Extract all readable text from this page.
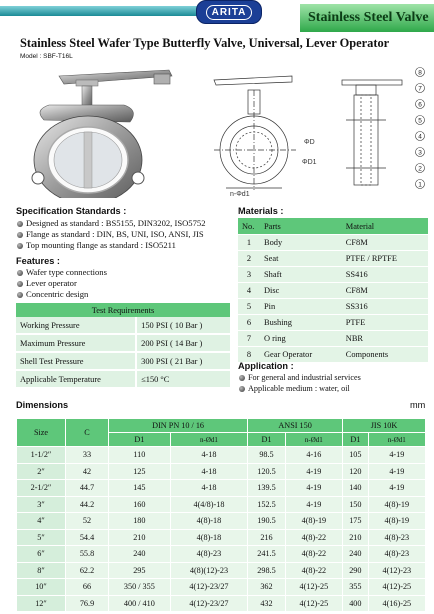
ARITA	Stainless Steel Valve
Stainless Steel Wafer Type Butterfly Valve, Universal, Lever Operator
Model : SBF-T16L
ΦD
ΦD1
n-Φd1
8
7
6
5
4
3
2
1
Specification Standards :
Designed as standard : BS5155, DIN3202, ISO5752
Flange as standard : DIN, BS, UNI, ISO, ANSI, JIS
Top mounting flange as standard : ISO5211
Features :
Wafer type connections
Lever operator
Concentric design
Test Requirements	
Working Pressure	150 PSI ( 10 Bar )
Maximum Pressure	200 PSI ( 14 Bar )
Shell Test Pressure	300 PSI ( 21 Bar )
Applicable Temperature	≤150 °C
Materials :
No.	Parts	Material
1	Body	CF8M
2	Seat	PTFE / RPTFE
3	Shaft	SS416
4	Disc	CF8M
5	Pin	SS316
6	Bushing	PTFE
7	O ring	NBR
8	Gear Operator	Components
Application :
For general and industrial services
Applicable medium : water, oil
Dimensions	mm
Size	C	DIN PN 10 / 16		ANSI 150		JIS 10K	
		D1	n-Ød1	D1	n-Ød1	D1	n-Ød1
1-1/2″	33	110	4-18	98.5	4-16	105	4-19
2″	42	125	4-18	120.5	4-19	120	4-19
2-1/2″	44.7	145	4-18	139.5	4-19	140	4-19
3″	44.2	160	4(4/8)-18	152.5	4-19	150	4(8)-19
4″	52	180	4(8)-18	190.5	4(8)-19	175	4(8)-19
5″	54.4	210	4(8)-18	216	4(8)-22	210	4(8)-23
6″	55.8	240	4(8)-23	241.5	4(8)-22	240	4(8)-23
8″	62.2	295	4(8)(12)-23	298.5	4(8)-22	290	4(12)-23
10″	66	350 / 355	4(12)-23/27	362	4(12)-25	355	4(12)-25
12″	76.9	400 / 410	4(12)-23/27	432	4(12)-25	400	4(16)-25
